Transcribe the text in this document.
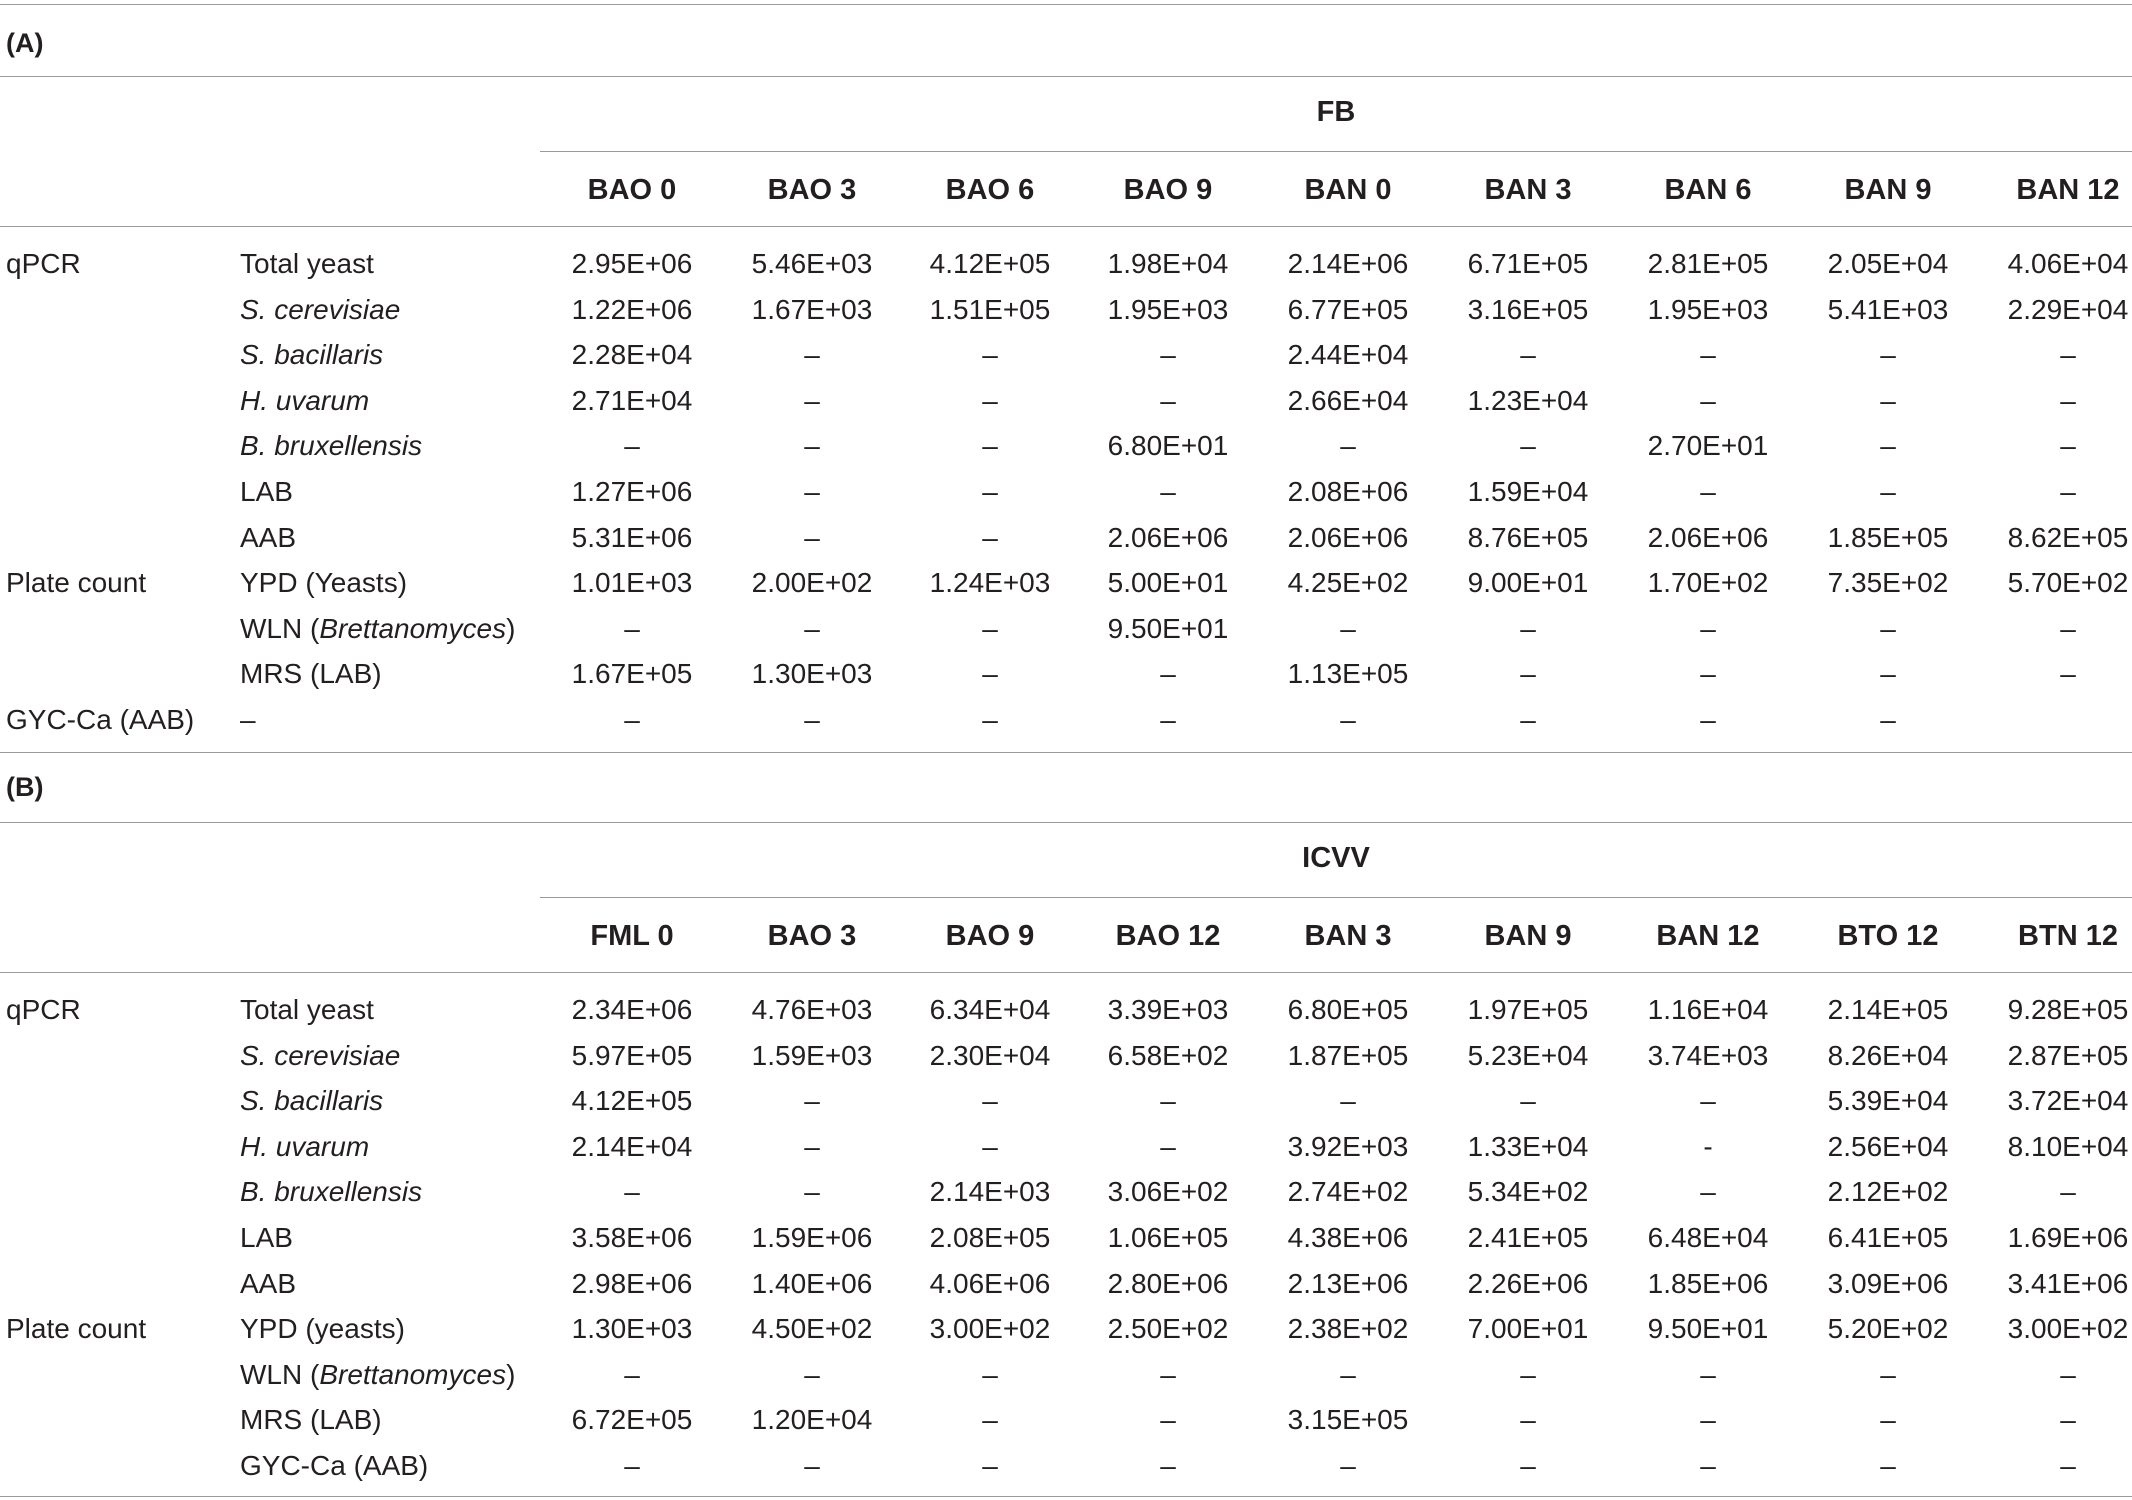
(A)
FB
BAO 0	BAO 3	BAO 6	BAO 9	BAN 0	BAN 3	BAN 6	BAN 9	BAN 12
qPCR	Total yeast	2.95E+06	5.46E+03	4.12E+05	1.98E+04	2.14E+06	6.71E+05	2.81E+05	2.05E+04	4.06E+04
S. cerevisiae	1.22E+06	1.67E+03	1.51E+05	1.95E+03	6.77E+05	3.16E+05	1.95E+03	5.41E+03	2.29E+04
S. bacillaris	2.28E+04	–	–	–	2.44E+04	–	–	–	–
H. uvarum	2.71E+04	–	–	–	2.66E+04	1.23E+04	–	–	–
B. bruxellensis	–	–	–	6.80E+01	–	–	2.70E+01	–	–
LAB	1.27E+06	–	–	–	2.08E+06	1.59E+04	–	–	–
AAB	5.31E+06	–	–	2.06E+06	2.06E+06	8.76E+05	2.06E+06	1.85E+05	8.62E+05
Plate count	YPD (Yeasts)	1.01E+03	2.00E+02	1.24E+03	5.00E+01	4.25E+02	9.00E+01	1.70E+02	7.35E+02	5.70E+02
WLN (Brettanomyces)	–	–	–	9.50E+01	–	–	–	–	–
MRS (LAB)	1.67E+05	1.30E+03	–	–	1.13E+05	–	–	–	–
GYC-Ca (AAB) –	–	–	–	–	–	–	–	–
(B)
ICVV
FML 0	BAO 3	BAO 9	BAO 12	BAN 3	BAN 9	BAN 12	BTO 12	BTN 12
qPCR	Total yeast	2.34E+06	4.76E+03	6.34E+04	3.39E+03	6.80E+05	1.97E+05	1.16E+04	2.14E+05	9.28E+05
S. cerevisiae	5.97E+05	1.59E+03	2.30E+04	6.58E+02	1.87E+05	5.23E+04	3.74E+03	8.26E+04	2.87E+05
S. bacillaris	4.12E+05	–	–	–	–	–	–	5.39E+04	3.72E+04
H. uvarum	2.14E+04	–	–	–	3.92E+03	1.33E+04	-	2.56E+04	8.10E+04
B. bruxellensis	–	–	2.14E+03	3.06E+02	2.74E+02	5.34E+02	–	2.12E+02	–
LAB	3.58E+06	1.59E+06	2.08E+05	1.06E+05	4.38E+06	2.41E+05	6.48E+04	6.41E+05	1.69E+06
AAB	2.98E+06	1.40E+06	4.06E+06	2.80E+06	2.13E+06	2.26E+06	1.85E+06	3.09E+06	3.41E+06
Plate count	YPD (yeasts)	1.30E+03	4.50E+02	3.00E+02	2.50E+02	2.38E+02	7.00E+01	9.50E+01	5.20E+02	3.00E+02
WLN (Brettanomyces)	–	–	–	–	–	–	–	–	–
MRS (LAB)	6.72E+05	1.20E+04	–	–	3.15E+05	–	–	–	–
GYC-Ca (AAB)	–	–	–	–	–	–	–	–	–
